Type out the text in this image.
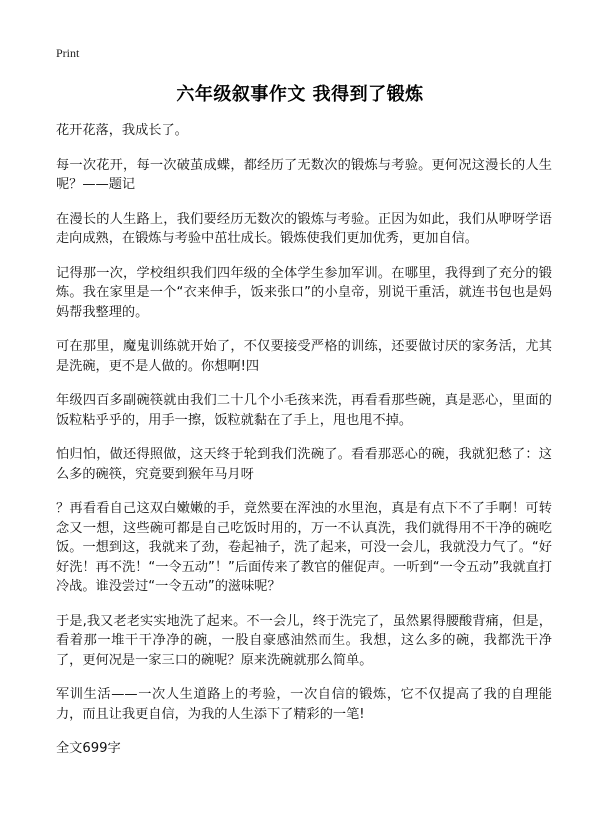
Print
六年级叙事作文 我得到了锻炼

花开花落，我成长了。

每一次花开，每一次破茧成蝶，都经历了无数次的锻炼与考验。更何况这漫长的人生呢？——题记

在漫长的人生路上，我们要经历无数次的锻炼与考验。正因为如此，我们从咿呀学语走向成熟，在锻炼与考验中茁壮成长。锻炼使我们更加优秀，更加自信。

记得那一次，学校组织我们四年级的全体学生参加军训。在哪里，我得到了充分的锻炼。我在家里是一个“衣来伸手，饭来张口”的小皇帝，别说干重活，就连书包也是妈妈帮我整理的。

可在那里，魔鬼训练就开始了，不仅要接受严格的训练，还要做讨厌的家务活，尤其是洗碗，更不是人做的。你想啊!四

年级四百多副碗筷就由我们二十几个小毛孩来洗，再看看那些碗，真是恶心，里面的饭粒粘乎乎的，用手一擦，饭粒就黏在了手上，甩也甩不掉。

怕归怕，做还得照做，这天终于轮到我们洗碗了。看看那恶心的碗，我就犯愁了：这么多的碗筷，究竟要到猴年马月呀

？再看看自己这双白嫩嫩的手，竟然要在浑浊的水里泡，真是有点下不了手啊！可转念又一想，这些碗可都是自己吃饭时用的，万一不认真洗，我们就得用不干净的碗吃饭。一想到这，我就来了劲，卷起袖子，洗了起来，可没一会儿，我就没力气了。“好好洗！再不洗！“一令五动”！”后面传来了教官的催促声。一听到“一令五动”我就直打冷战。谁没尝过“一令五动”的滋味呢？

于是,我又老老实实地洗了起来。不一会儿，终于洗完了，虽然累得腰酸背痛，但是，看着那一堆干干净净的碗，一股自豪感油然而生。我想，这么多的碗，我都洗干净了，更何况是一家三口的碗呢？原来洗碗就那么简单。

军训生活——一次人生道路上的考验，一次自信的锻炼，它不仅提高了我的自理能力，而且让我更自信，为我的人生添下了精彩的一笔!

全文699字
